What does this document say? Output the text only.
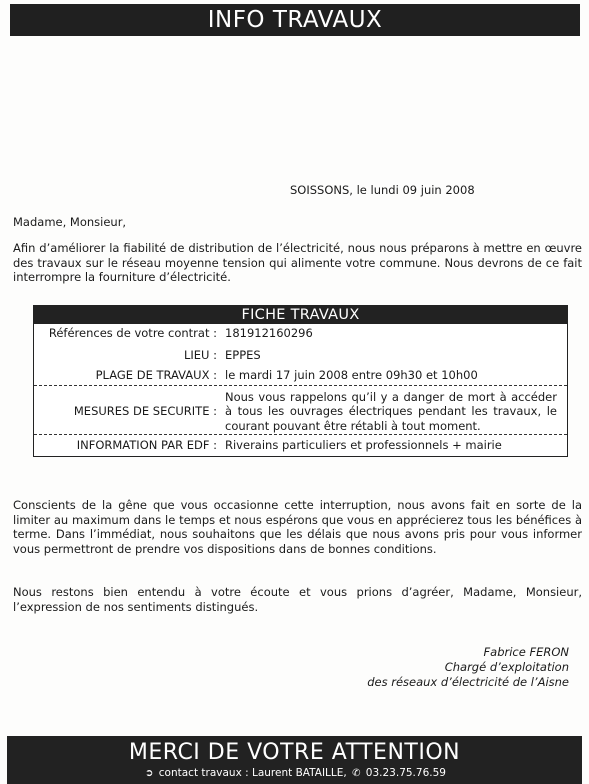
INFO TRAVAUX
SOISSONS, le lundi 09 juin 2008
Madame, Monsieur,
Afin d’améliorer la fiabilité de distribution de l’électricité, nous nous préparons à mettre en œuvre des travaux sur le réseau moyenne tension qui alimente votre commune. Nous devrons de ce fait interrompre la fourniture d’électricité.
FICHE TRAVAUX
Références de votre contrat : 181912160296
LIEU : EPPES
PLAGE DE TRAVAUX : le mardi 17 juin 2008 entre 09h30 et 10h00
MESURES DE SECURITE :
Nous vous rappelons qu’il y a danger de mort à accéder à tous les ouvrages électriques pendant les travaux, le courant pouvant être rétabli à tout moment.
INFORMATION PAR EDF : Riverains particuliers et professionnels + mairie
Conscients de la gêne que vous occasionne cette interruption, nous avons fait en sorte de la limiter au maximum dans le temps et nous espérons que vous en apprécierez tous les bénéfices à terme. Dans l’immédiat, nous souhaitons que les délais que nous avons pris pour vous informer vous permettront de prendre vos dispositions dans de bonnes conditions.
Nous restons bien entendu à votre écoute et vous prions d’agréer, Madame, Monsieur, l’expression de nos sentiments distingués.
Fabrice FERON
Chargé d’exploitation
des réseaux d’électricité de l’Aisne
MERCI DE VOTRE ATTENTION
➲ contact travaux : Laurent BATAILLE, ✆ 03.23.75.76.59
